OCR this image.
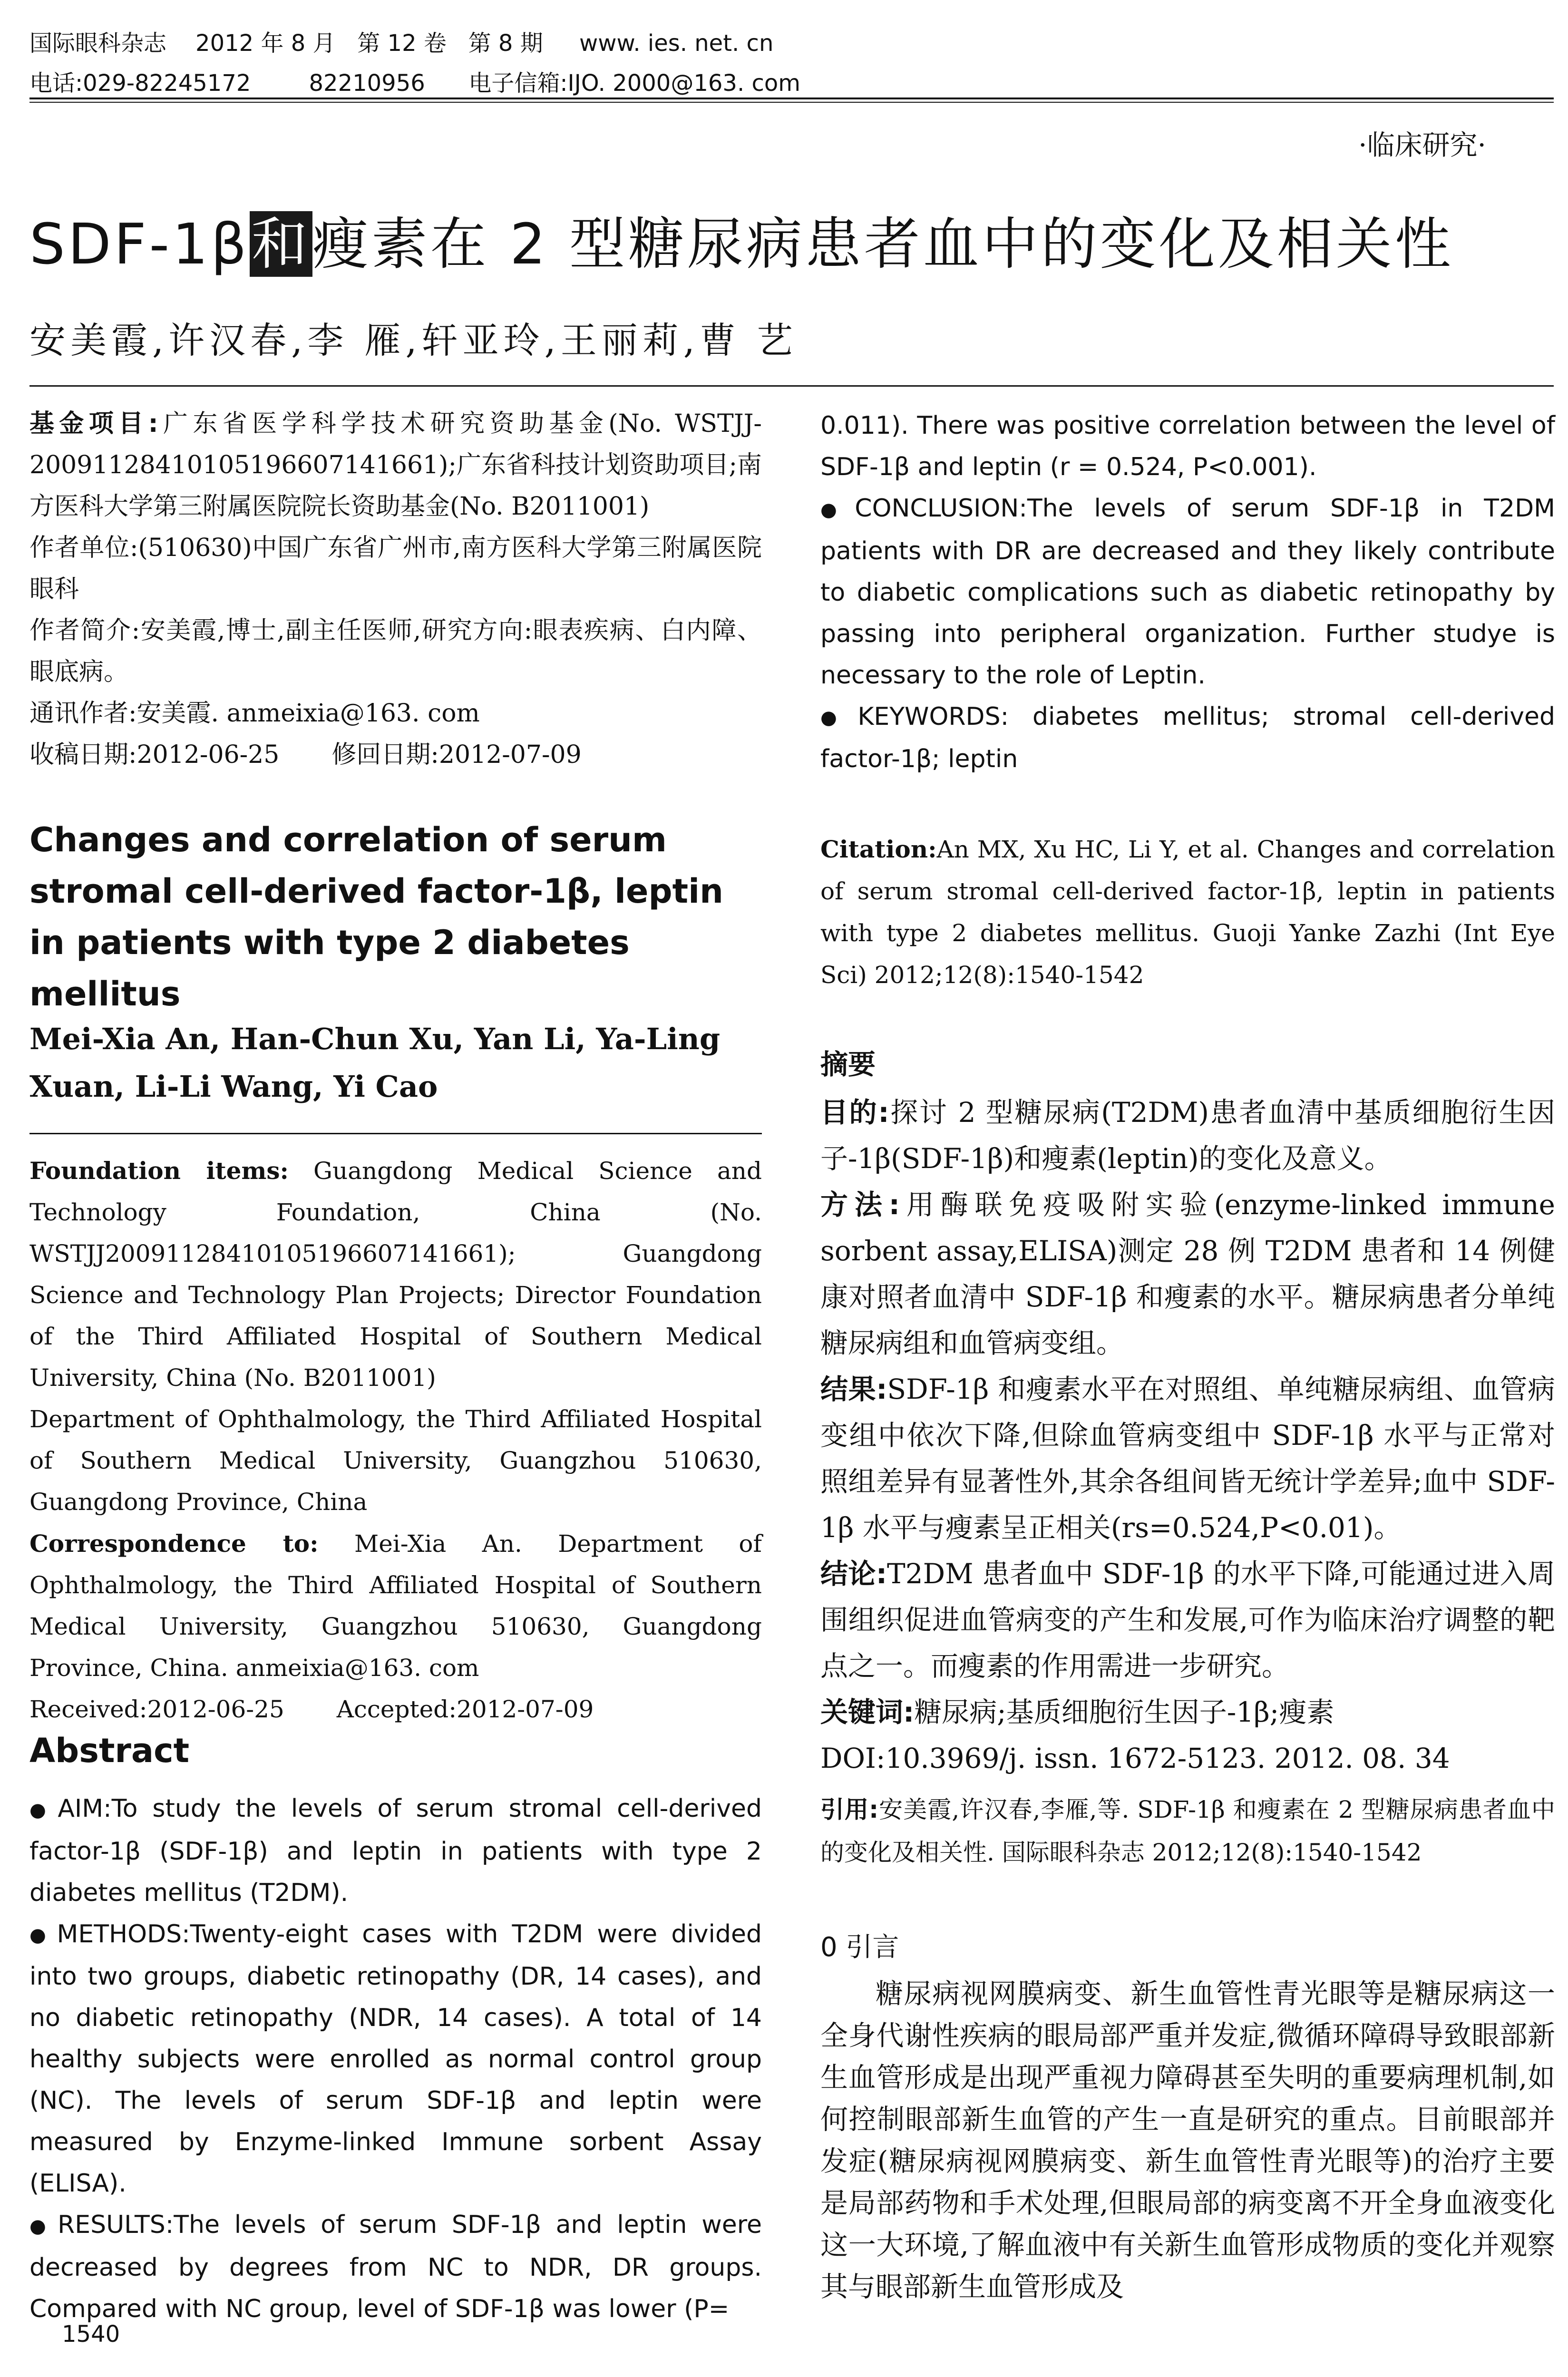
国际眼科杂志    2012 年 8 月   第 12 卷   第 8 期     www. ies. net. cn
电话:029-82245172        82210956      电子信箱:IJO. 2000@163. com
·临床研究·
SDF-1β和瘦素在 2 型糖尿病患者血中的变化及相关性
安美霞,许汉春,李 雁,轩亚玲,王丽莉,曹 艺

基金项目:广东省医学科学技术研究资助基金(No. WSTJJ-20091128410105196607141661);广东省科技计划资助项目;南方医科大学第三附属医院院长资助基金(No. B2011001)

作者单位:(510630)中国广东省广州市,南方医科大学第三附属医院眼科

作者简介:安美霞,博士,副主任医师,研究方向:眼表疾病、白内障、眼底病。

通讯作者:安美霞. anmeixia@163. com

收稿日期:2012-06-25 修回日期:2012-07-09

Changes and correlation of serum stromal cell-derived factor-1β, leptin in patients with type 2 diabetes mellitus
Mei-Xia An, Han-Chun Xu, Yan Li, Ya-Ling Xuan, Li-Li Wang, Yi Cao

Foundation items: Guangdong Medical Science and Technology Foundation, China (No. WSTJJ20091128410105196607141661); Guangdong Science and Technology Plan Projects; Director Foundation of the Third Affiliated Hospital of Southern Medical University, China (No. B2011001)

Department of Ophthalmology, the Third Affiliated Hospital of Southern Medical University, Guangzhou 510630, Guangdong Province, China

Correspondence to: Mei-Xia An. Department of Ophthalmology, the Third Affiliated Hospital of Southern Medical University, Guangzhou 510630, Guangdong Province, China. anmeixia@163. com

Received:2012-06-25 Accepted:2012-07-09

Abstract

● AIM:To study the levels of serum stromal cell-derived factor-1β (SDF-1β) and leptin in patients with type 2 diabetes mellitus (T2DM).

● METHODS:Twenty-eight cases with T2DM were divided into two groups, diabetic retinopathy (DR, 14 cases), and no diabetic retinopathy (NDR, 14 cases). A total of 14 healthy subjects were enrolled as normal control group (NC). The levels of serum SDF-1β and leptin were measured by Enzyme-linked Immune sorbent Assay (ELISA).

● RESULTS:The levels of serum SDF-1β and leptin were decreased by degrees from NC to NDR, DR groups. Compared with NC group, level of SDF-1β was lower (P=

0.011). There was positive correlation between the level of SDF-1β and leptin (r = 0.524, P<0.001).

● CONCLUSION:The levels of serum SDF-1β in T2DM patients with DR are decreased and they likely contribute to diabetic complications such as diabetic retinopathy by passing into peripheral organization. Further studye is necessary to the role of Leptin.

● KEYWORDS: diabetes mellitus; stromal cell-derived factor-1β; leptin

Citation:An MX, Xu HC, Li Y, et al. Changes and correlation of serum stromal cell-derived factor-1β, leptin in patients with type 2 diabetes mellitus. Guoji Yanke Zazhi (Int Eye Sci) 2012;12(8):1540-1542

摘要

目的:探讨 2 型糖尿病(T2DM)患者血清中基质细胞衍生因子-1β(SDF-1β)和瘦素(leptin)的变化及意义。

方法:用酶联免疫吸附实验(enzyme-linked immune sorbent assay,ELISA)测定 28 例 T2DM 患者和 14 例健康对照者血清中 SDF-1β 和瘦素的水平。糖尿病患者分单纯糖尿病组和血管病变组。

结果:SDF-1β 和瘦素水平在对照组、单纯糖尿病组、血管病变组中依次下降,但除血管病变组中 SDF-1β 水平与正常对照组差异有显著性外,其余各组间皆无统计学差异;血中 SDF-1β 水平与瘦素呈正相关(rs=0.524,P<0.01)。

结论:T2DM 患者血中 SDF-1β 的水平下降,可能通过进入周围组织促进血管病变的产生和发展,可作为临床治疗调整的靶点之一。而瘦素的作用需进一步研究。

关键词:糖尿病;基质细胞衍生因子-1β;瘦素

DOI:10.3969/j. issn. 1672-5123. 2012. 08. 34

引用:安美霞,许汉春,李雁,等. SDF-1β 和瘦素在 2 型糖尿病患者血中的变化及相关性. 国际眼科杂志 2012;12(8):1540-1542

0 引言

糖尿病视网膜病变、新生血管性青光眼等是糖尿病这一全身代谢性疾病的眼局部严重并发症,微循环障碍导致眼部新生血管形成是出现严重视力障碍甚至失明的重要病理机制,如何控制眼部新生血管的产生一直是研究的重点。目前眼部并发症(糖尿病视网膜病变、新生血管性青光眼等)的治疗主要是局部药物和手术处理,但眼局部的病变离不开全身血液变化这一大环境,了解血液中有关新生血管形成物质的变化并观察其与眼部新生血管形成及

1540
